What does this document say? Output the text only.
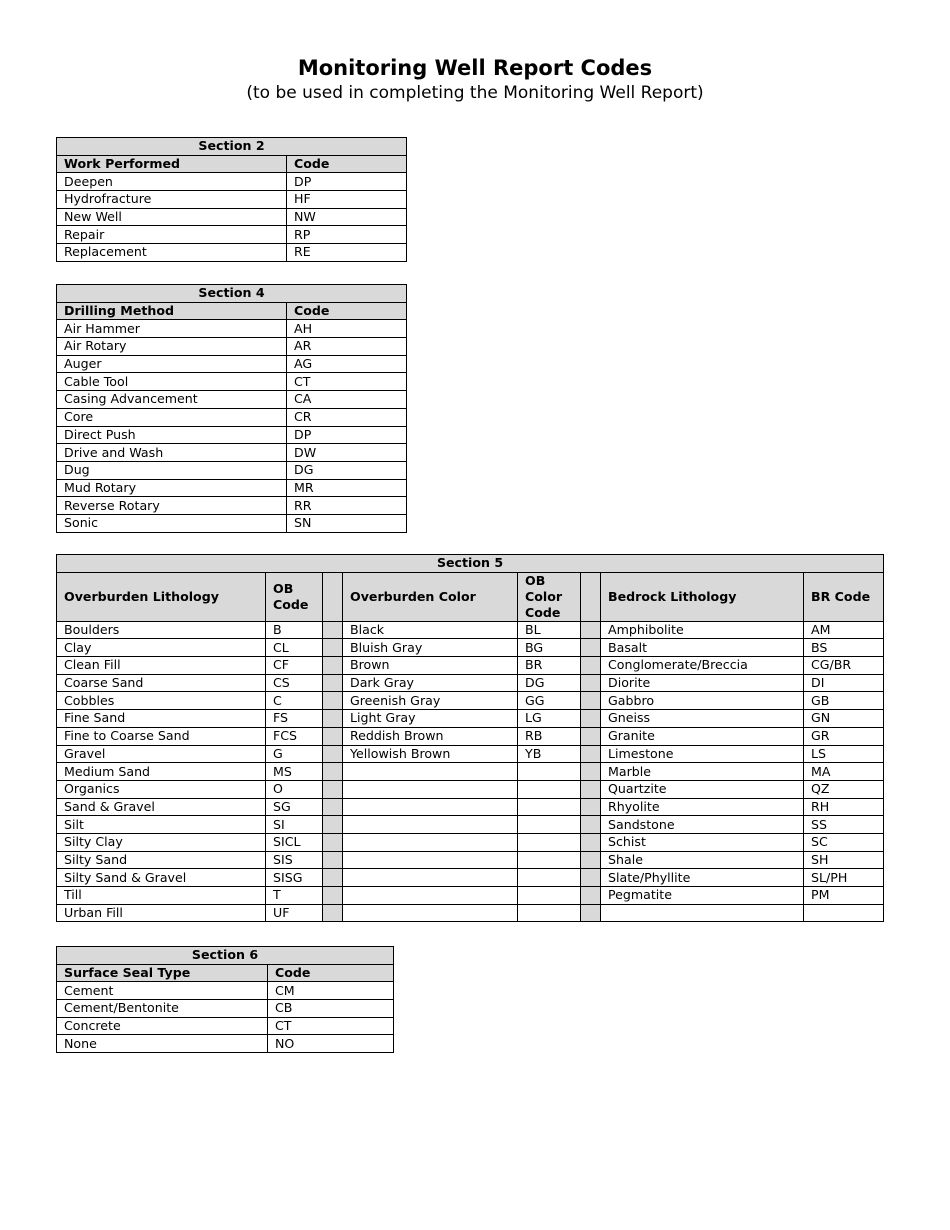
Monitoring Well Report Codes
(to be used in completing the Monitoring Well Report)
Section 2	
Work Performed	Code
Deepen	DP
Hydrofracture	HF
New Well	NW
Repair	RP
Replacement	RE
Section 4	
Drilling Method	Code
Air Hammer	AH
Air Rotary	AR
Auger	AG
Cable Tool	CT
Casing Advancement	CA
Core	CR
Direct Push	DP
Drive and Wash	DW
Dug	DG
Mud Rotary	MR
Reverse Rotary	RR
Sonic	SN
Section 5							
Overburden Lithology	OB Code		Overburden Color	OB Color Code		Bedrock Lithology	BR Code
Boulders	B		Black	BL		Amphibolite	AM
Clay	CL		Bluish Gray	BG		Basalt	BS
Clean Fill	CF		Brown	BR		Conglomerate/Breccia	CG/BR
Coarse Sand	CS		Dark Gray	DG		Diorite	DI
Cobbles	C		Greenish Gray	GG		Gabbro	GB
Fine Sand	FS		Light Gray	LG		Gneiss	GN
Fine to Coarse Sand	FCS		Reddish Brown	RB		Granite	GR
Gravel	G		Yellowish Brown	YB		Limestone	LS
Medium Sand	MS					Marble	MA
Organics	O					Quartzite	QZ
Sand & Gravel	SG					Rhyolite	RH
Silt	SI					Sandstone	SS
Silty Clay	SICL					Schist	SC
Silty Sand	SIS					Shale	SH
Silty Sand & Gravel	SISG					Slate/Phyllite	SL/PH
Till	T					Pegmatite	PM
Urban Fill	UF						
Section 6	
Surface Seal Type	Code
Cement	CM
Cement/Bentonite	CB
Concrete	CT
None	NO
